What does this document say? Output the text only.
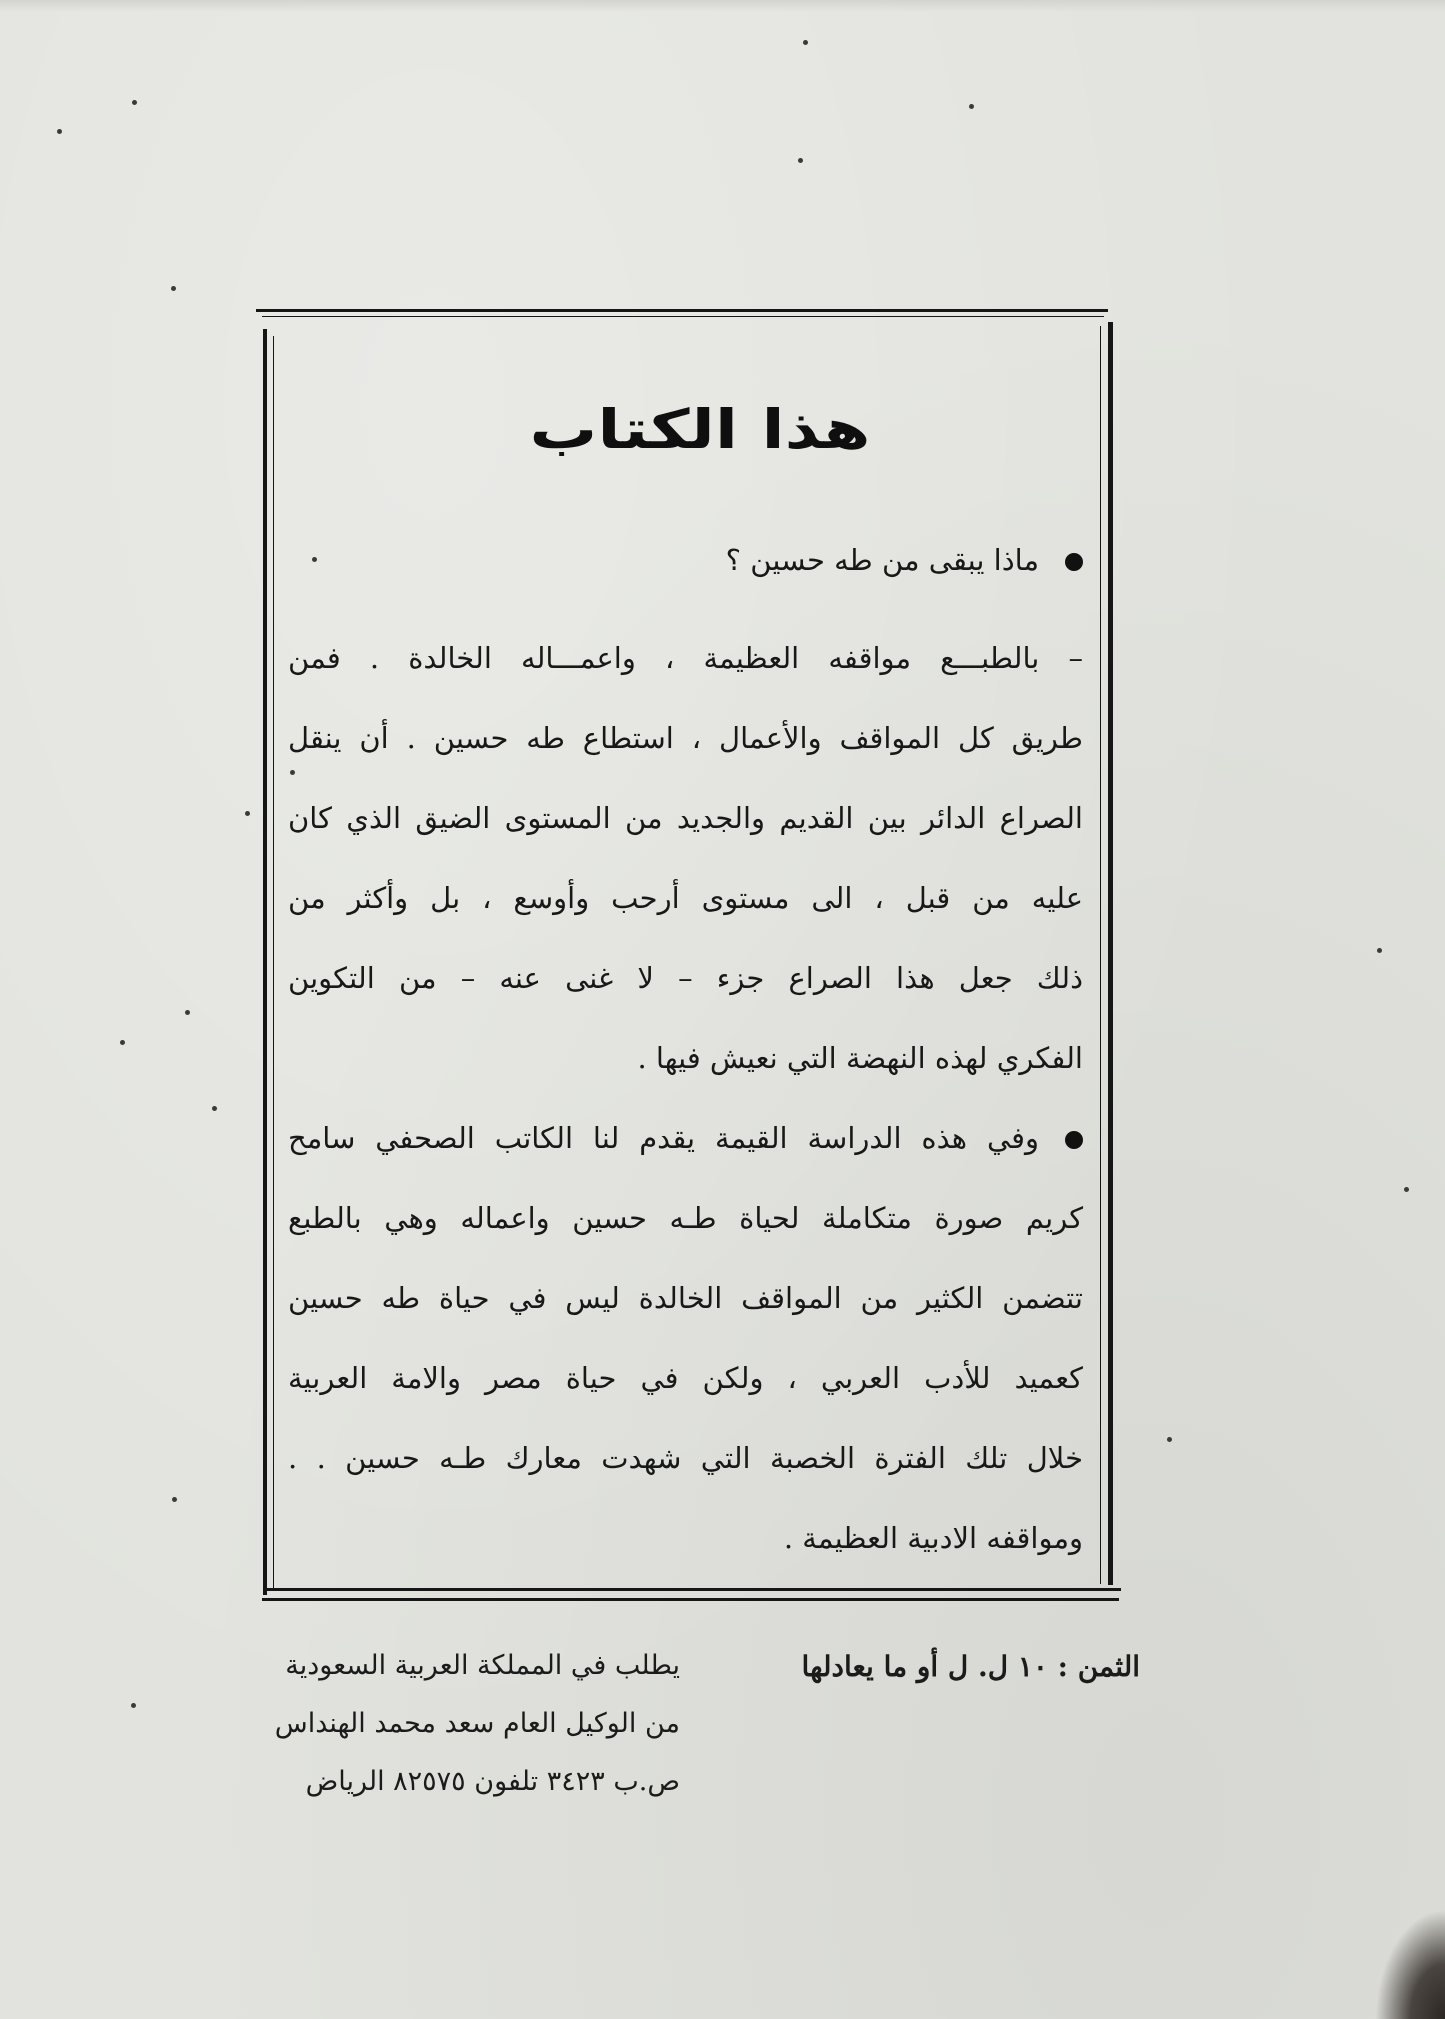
هذا الكتاب
ماذا يبقى من طه حسين ؟
– بالطبـــع مواقفه العظيمة ، واعمـــاله الخالدة . فمن
طريق كل المواقف والأعمال ، استطاع طه حسين . أن ينقل
الصراع الدائر بين القديم والجديد من المستوى الضيق الذي كان
عليه من قبل ، الى مستوى أرحب وأوسع ، بل وأكثر من
ذلك جعل هذا الصراع جزء – لا غنى عنه – من التكوين
الفكري لهذه النهضة التي نعيش فيها .
وفي هذه الدراسة القيمة يقدم لنا الكاتب الصحفي سامح
كريم صورة متكاملة لحياة طـه حسين واعماله وهي بالطبع
تتضمن الكثير من المواقف الخالدة ليس في حياة طه حسين
كعميد للأدب العربي ، ولكن في حياة مصر والامة العربية
خلال تلك الفترة الخصبة التي شهدت معارك طـه حسين . .
ومواقفه الادبية العظيمة .
الثمن : ١٠ ل. ل أو ما يعادلها
يطلب في المملكة العربية السعودية
من الوكيل العام سعد محمد الهنداس
ص.ب ٣٤٢٣ تلفون ٨٢٥٧٥ الرياض
